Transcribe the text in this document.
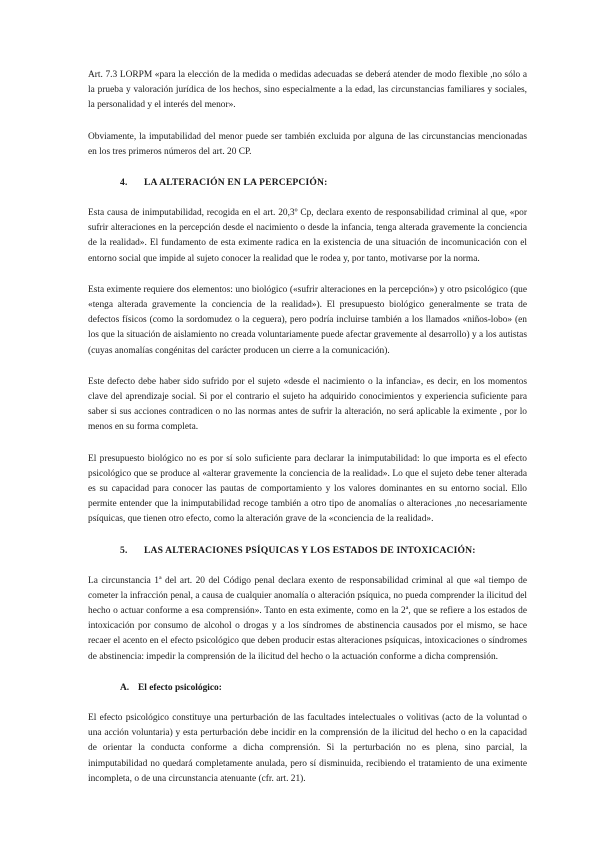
Art. 7.3 LORPM «para la elección de la medida o medidas adecuadas se deberá atender de modo flexible ,no sólo a la prueba y valoración jurídica de los hechos, sino especialmente a la edad, las circunstancias familiares y sociales, la personalidad y el interés del menor».

Obviamente, la imputabilidad del menor puede ser también excluida por alguna de las circunstancias mencionadas en los tres primeros números del art. 20 CP.

4. LA ALTERACIÓN EN LA PERCEPCIÓN:

Esta causa de inimputabilidad, recogida en el art. 20,3º Cp, declara exento de responsabilidad criminal al que, «por sufrir alteraciones en la percepción desde el nacimiento o desde la infancia, tenga alterada gravemente la conciencia de la realidad». El fundamento de esta eximente radica en la existencia de una situación de incomunicación con el entorno social que impide al sujeto conocer la realidad que le rodea y, por tanto, motivarse por la norma.

Esta eximente requiere dos elementos: uno biológico («sufrir alteraciones en la percepción») y otro psicológico (que «tenga alterada gravemente la conciencia de la realidad»). El presupuesto biológico generalmente se trata de defectos físicos (como la sordomudez o la ceguera), pero podría incluirse también a los llamados «niños-lobo» (en los que la situación de aislamiento no creada voluntariamente puede afectar gravemente al desarrollo) y a los autistas (cuyas anomalías congénitas del carácter producen un cierre a la comunicación).

Este defecto debe haber sido sufrido por el sujeto «desde el nacimiento o la infancia», es decir, en los momentos clave del aprendizaje social. Si por el contrario el sujeto ha adquirido conocimientos y experiencia suficiente para saber si sus acciones contradicen o no las normas antes de sufrir la alteración, no será aplicable la eximente , por lo menos en su forma completa.

El presupuesto biológico no es por sí solo suficiente para declarar la inimputabilidad: lo que importa es el efecto psicológico que se produce al «alterar gravemente la conciencia de la realidad». Lo que el sujeto debe tener alterada es su capacidad para conocer las pautas de comportamiento y los valores dominantes en su entorno social. Ello permite entender que la inimputabilidad recoge también a otro tipo de anomalías o alteraciones ,no necesariamente psíquicas, que tienen otro efecto, como la alteración grave de la «conciencia de la realidad».

5. LAS ALTERACIONES PSÍQUICAS Y LOS ESTADOS DE INTOXICACIÓN:

La circunstancia 1ª del art. 20 del Código penal declara exento de responsabilidad criminal al que «al tiempo de cometer la infracción penal, a causa de cualquier anomalía o alteración psíquica, no pueda comprender la ilicitud del hecho o actuar conforme a esa comprensión». Tanto en esta eximente, como en la 2ª, que se refiere a los estados de intoxicación por consumo de alcohol o drogas y a los síndromes de abstinencia causados por el mismo, se hace recaer el acento en el efecto psicológico que deben producir estas alteraciones psíquicas, intoxicaciones o síndromes de abstinencia: impedir la comprensión de la ilicitud del hecho o la actuación conforme a dicha comprensión.

A. El efecto psicológico:

El efecto psicológico constituye una perturbación de las facultades intelectuales o volitivas (acto de la voluntad o una acción voluntaria) y esta perturbación debe incidir en la comprensión de la ilicitud del hecho o en la capacidad de orientar la conducta conforme a dicha comprensión. Si la perturbación no es plena, sino parcial, la inimputabilidad no quedará completamente anulada, pero sí disminuida, recibiendo el tratamiento de una eximente incompleta, o de una circunstancia atenuante (cfr. art. 21).
